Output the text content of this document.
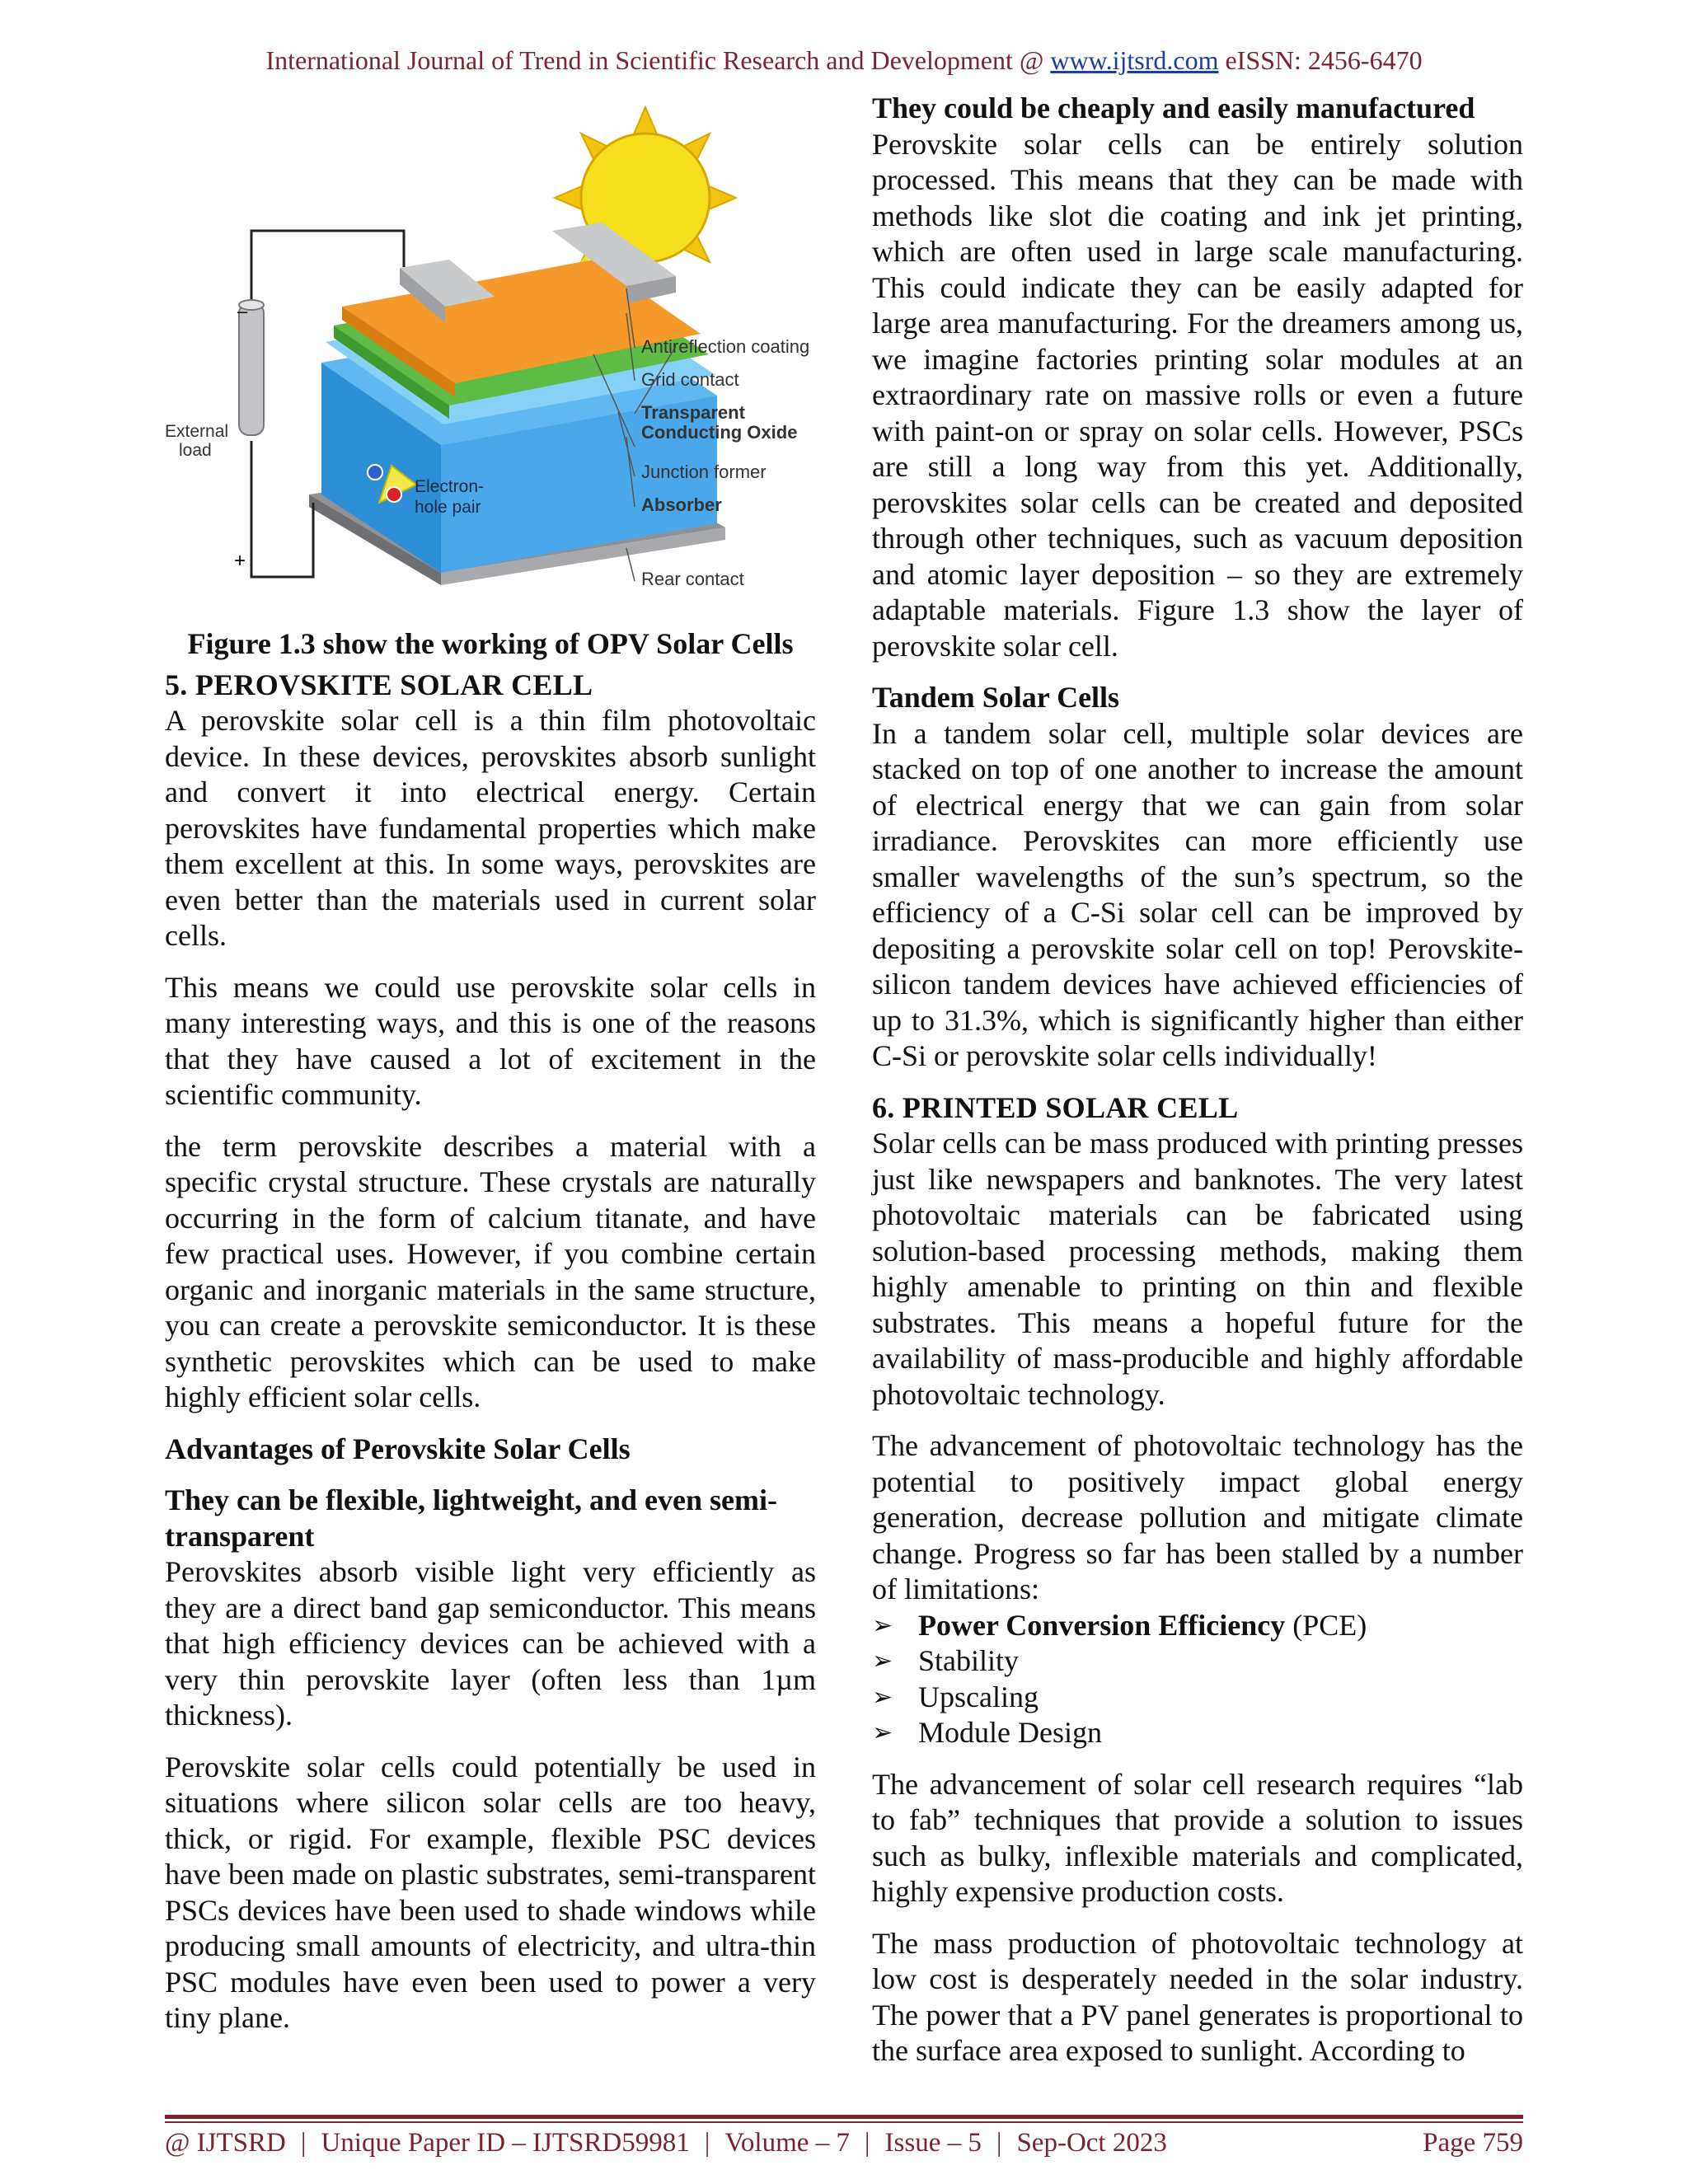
International Journal of Trend in Scientific Research and Development @ www.ijtsrd.com eISSN: 2456-6470
–
+
External
load
Electron-
hole pair
Antireflection coating
Grid contact
Transparent
Conducting Oxide
Junction former
Absorber
Rear contact
Figure 1.3 show the working of OPV Solar Cells
5. PEROVSKITE SOLAR CELL

A perovskite solar cell is a thin film photovoltaic device. In these devices, perovskites absorb sunlight and convert it into electrical energy. Certain perovskites have fundamental properties which make them excellent at this. In some ways, perovskites are even better than the materials used in current solar cells.

This means we could use perovskite solar cells in many interesting ways, and this is one of the reasons that they have caused a lot of excitement in the scientific community.

the term perovskite describes a material with a specific crystal structure. These crystals are naturally occurring in the form of calcium titanate, and have few practical uses. However, if you combine certain organic and inorganic materials in the same structure, you can create a perovskite semiconductor. It is these synthetic perovskites which can be used to make highly efficient solar cells.

Advantages of Perovskite Solar Cells

They can be flexible, lightweight, and even semi-transparent

Perovskites absorb visible light very efficiently as they are a direct band gap semiconductor. This means that high efficiency devices can be achieved with a very thin perovskite layer (often less than 1µm thickness).

Perovskite solar cells could potentially be used in situations where silicon solar cells are too heavy, thick, or rigid. For example, flexible PSC devices have been made on plastic substrates, semi-transparent PSCs devices have been used to shade windows while producing small amounts of electricity, and ultra-thin PSC modules have even been used to power a very tiny plane.

They could be cheaply and easily manufactured

Perovskite solar cells can be entirely solution processed. This means that they can be made with methods like slot die coating and ink jet printing, which are often used in large scale manufacturing. This could indicate they can be easily adapted for large area manufacturing. For the dreamers among us, we imagine factories printing solar modules at an extraordinary rate on massive rolls or even a future with paint-on or spray on solar cells. However, PSCs are still a long way from this yet. Additionally, perovskites solar cells can be created and deposited through other techniques, such as vacuum deposition and atomic layer deposition – so they are extremely adaptable materials. Figure 1.3 show the layer of perovskite solar cell.

Tandem Solar Cells

In a tandem solar cell, multiple solar devices are stacked on top of one another to increase the amount of electrical energy that we can gain from solar irradiance. Perovskites can more efficiently use smaller wavelengths of the sun’s spectrum, so the efficiency of a C-Si solar cell can be improved by depositing a perovskite solar cell on top! Perovskite-silicon tandem devices have achieved efficiencies of up to 31.3%, which is significantly higher than either C-Si or perovskite solar cells individually!

6. PRINTED SOLAR CELL

Solar cells can be mass produced with printing presses just like newspapers and banknotes. The very latest photovoltaic materials can be fabricated using solution-based processing methods, making them highly amenable to printing on thin and flexible substrates. This means a hopeful future for the availability of mass-producible and highly affordable photovoltaic technology.

The advancement of photovoltaic technology has the potential to positively impact global energy generation, decrease pollution and mitigate climate change. Progress so far has been stalled by a number of limitations:

➢ Power Conversion Efficiency (PCE)
➢ Stability
➢ Upscaling
➢ Module Design

The advancement of solar cell research requires “lab to fab” techniques that provide a solution to issues such as bulky, inflexible materials and complicated, highly expensive production costs.

The mass production of photovoltaic technology at low cost is desperately needed in the solar industry. The power that a PV panel generates is proportional to the surface area exposed to sunlight. According to

@ IJTSRD | Unique Paper ID – IJTSRD59981 | Volume – 7 | Issue – 5 | Sep-Oct 2023	Page 759
